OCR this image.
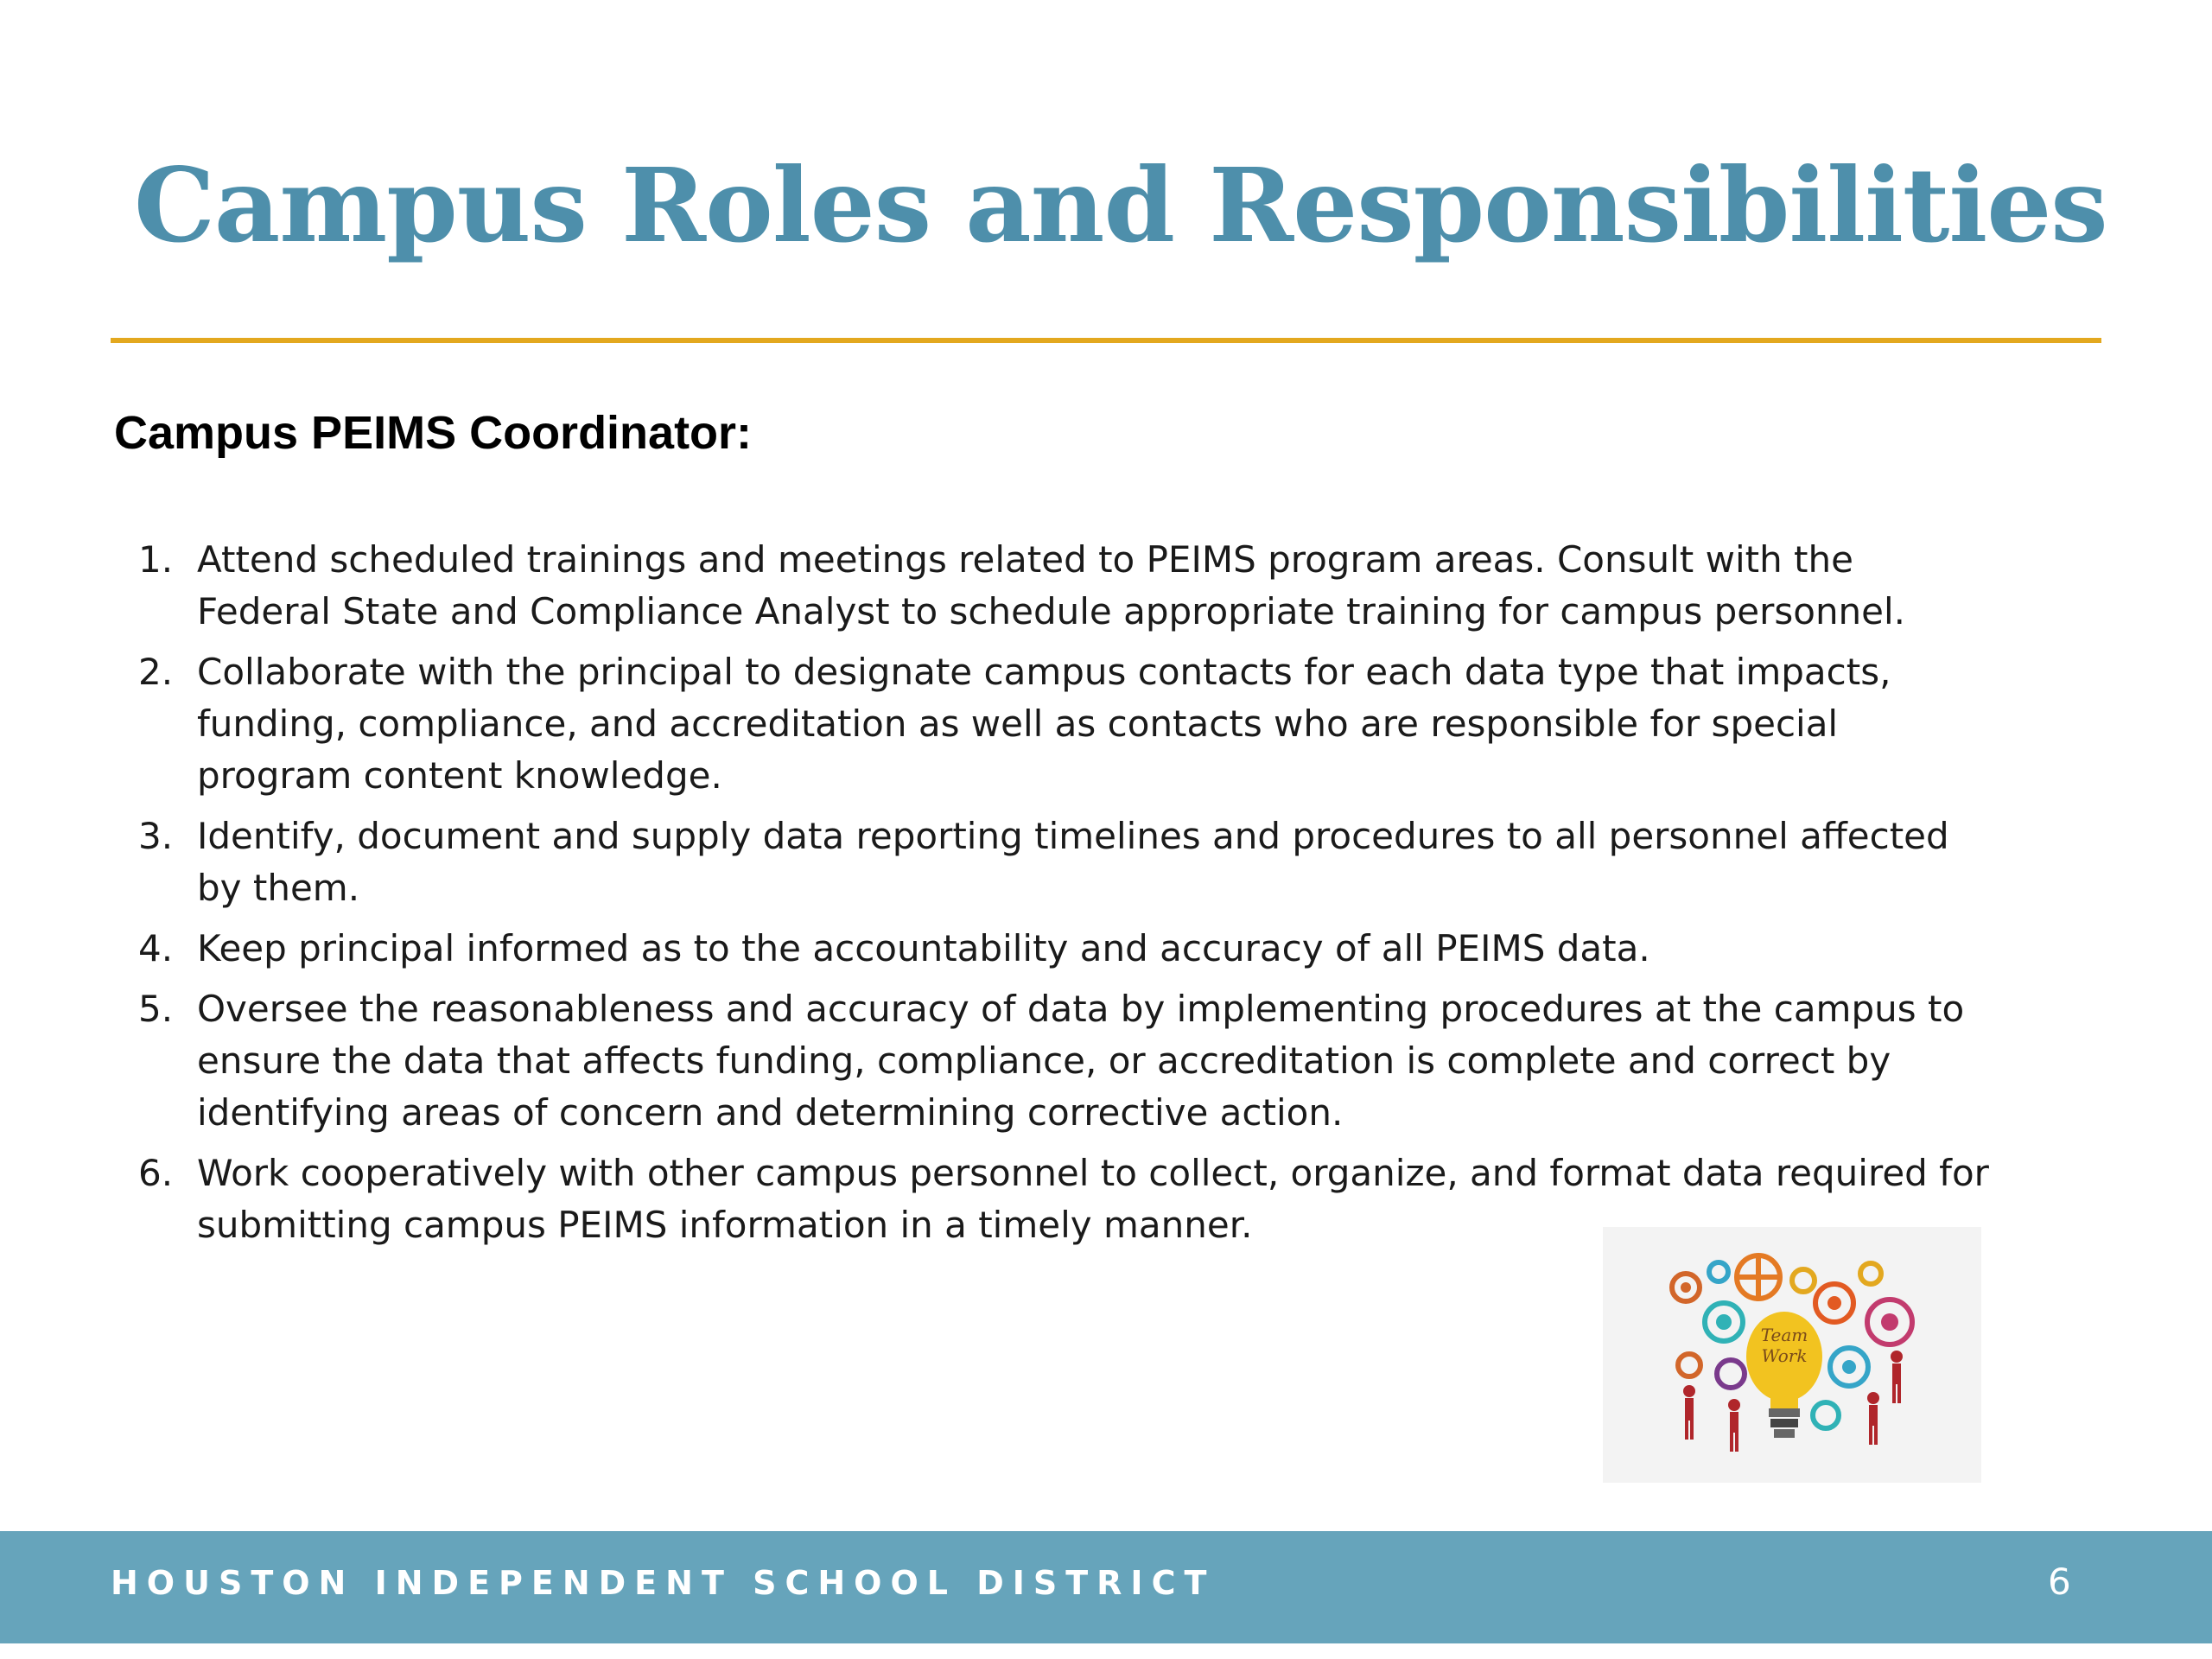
Campus Roles and Responsibilities
Campus PEIMS Coordinator:
1. Attend scheduled trainings and meetings related to PEIMS program areas. Consult with the Federal State and Compliance Analyst to schedule appropriate training for campus personnel.
2. Collaborate with the principal to designate campus contacts for each data type that impacts, funding, compliance, and accreditation as well as contacts who are responsible for special program content knowledge.
3. Identify, document and supply data reporting timelines and procedures to all personnel affected by them.
4. Keep principal informed as to the accountability and accuracy of all PEIMS data.
5. Oversee the reasonableness and accuracy of data by implementing procedures at the campus to ensure the data that affects funding, compliance, or accreditation is complete and correct by identifying areas of concern and determining corrective action.
6. Work cooperatively with other campus personnel to collect, organize, and format data required for submitting campus PEIMS information in a timely manner.
Team
Work
HOUSTON INDEPENDENT SCHOOL DISTRICT	6
